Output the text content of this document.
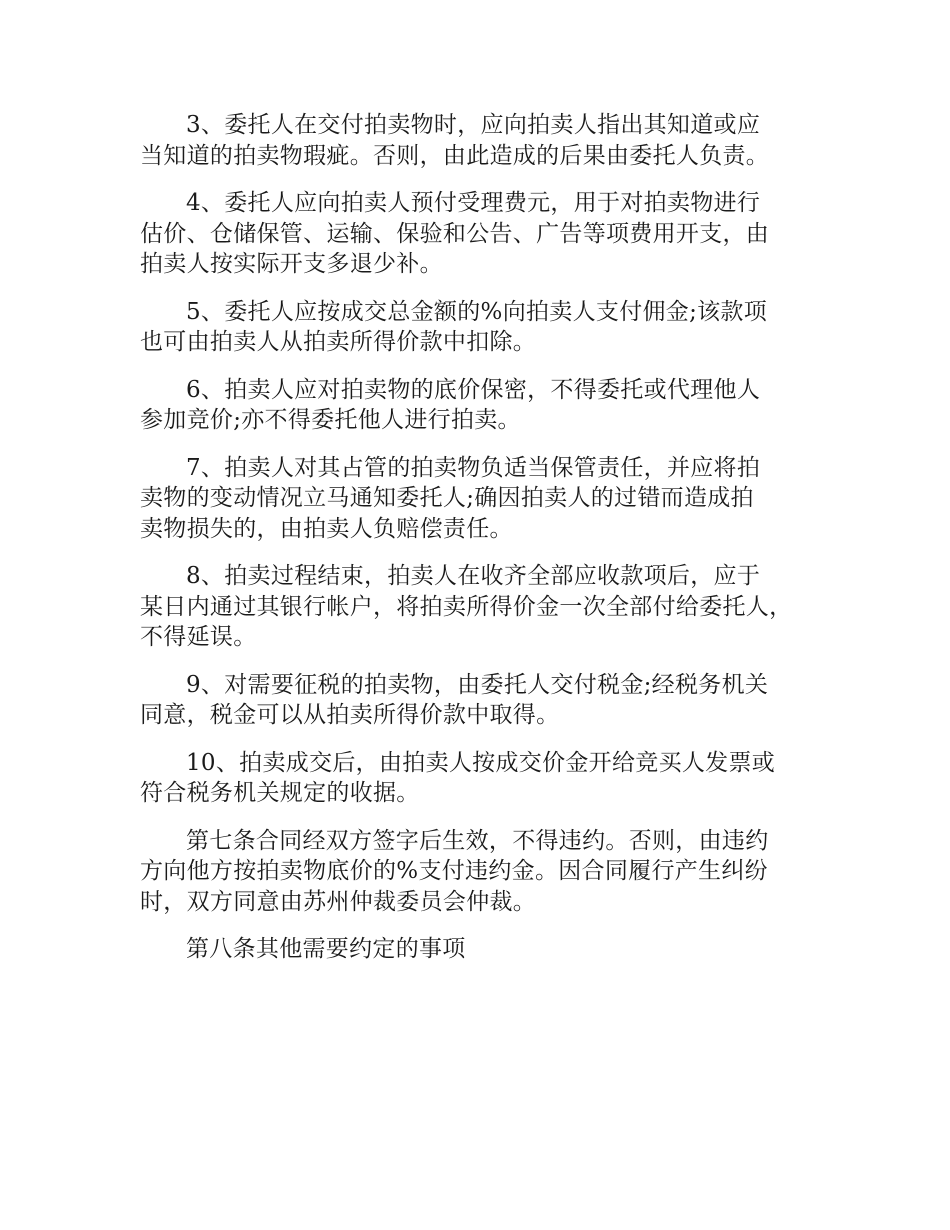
3、委托人在交付拍卖物时，应向拍卖人指出其知道或应
当知道的拍卖物瑕疵。否则，由此造成的后果由委托人负责。

4、委托人应向拍卖人预付受理费元，用于对拍卖物进行
估价、仓储保管、运输、保验和公告、广告等项费用开支，由
拍卖人按实际开支多退少补。

5、委托人应按成交总金额的%向拍卖人支付佣金;该款项
也可由拍卖人从拍卖所得价款中扣除。

6、拍卖人应对拍卖物的底价保密，不得委托或代理他人
参加竞价;亦不得委托他人进行拍卖。

7、拍卖人对其占管的拍卖物负适当保管责任，并应将拍
卖物的变动情况立马通知委托人;确因拍卖人的过错而造成拍
卖物损失的，由拍卖人负赔偿责任。

8、拍卖过程结束，拍卖人在收齐全部应收款项后，应于
某日内通过其银行帐户，将拍卖所得价金一次全部付给委托人，
不得延误。

9、对需要征税的拍卖物，由委托人交付税金;经税务机关
同意，税金可以从拍卖所得价款中取得。

10、拍卖成交后，由拍卖人按成交价金开给竞买人发票或
符合税务机关规定的收据。

第七条合同经双方签字后生效，不得违约。否则，由违约
方向他方按拍卖物底价的%支付违约金。因合同履行产生纠纷
时，双方同意由苏州仲裁委员会仲裁。

第八条其他需要约定的事项
